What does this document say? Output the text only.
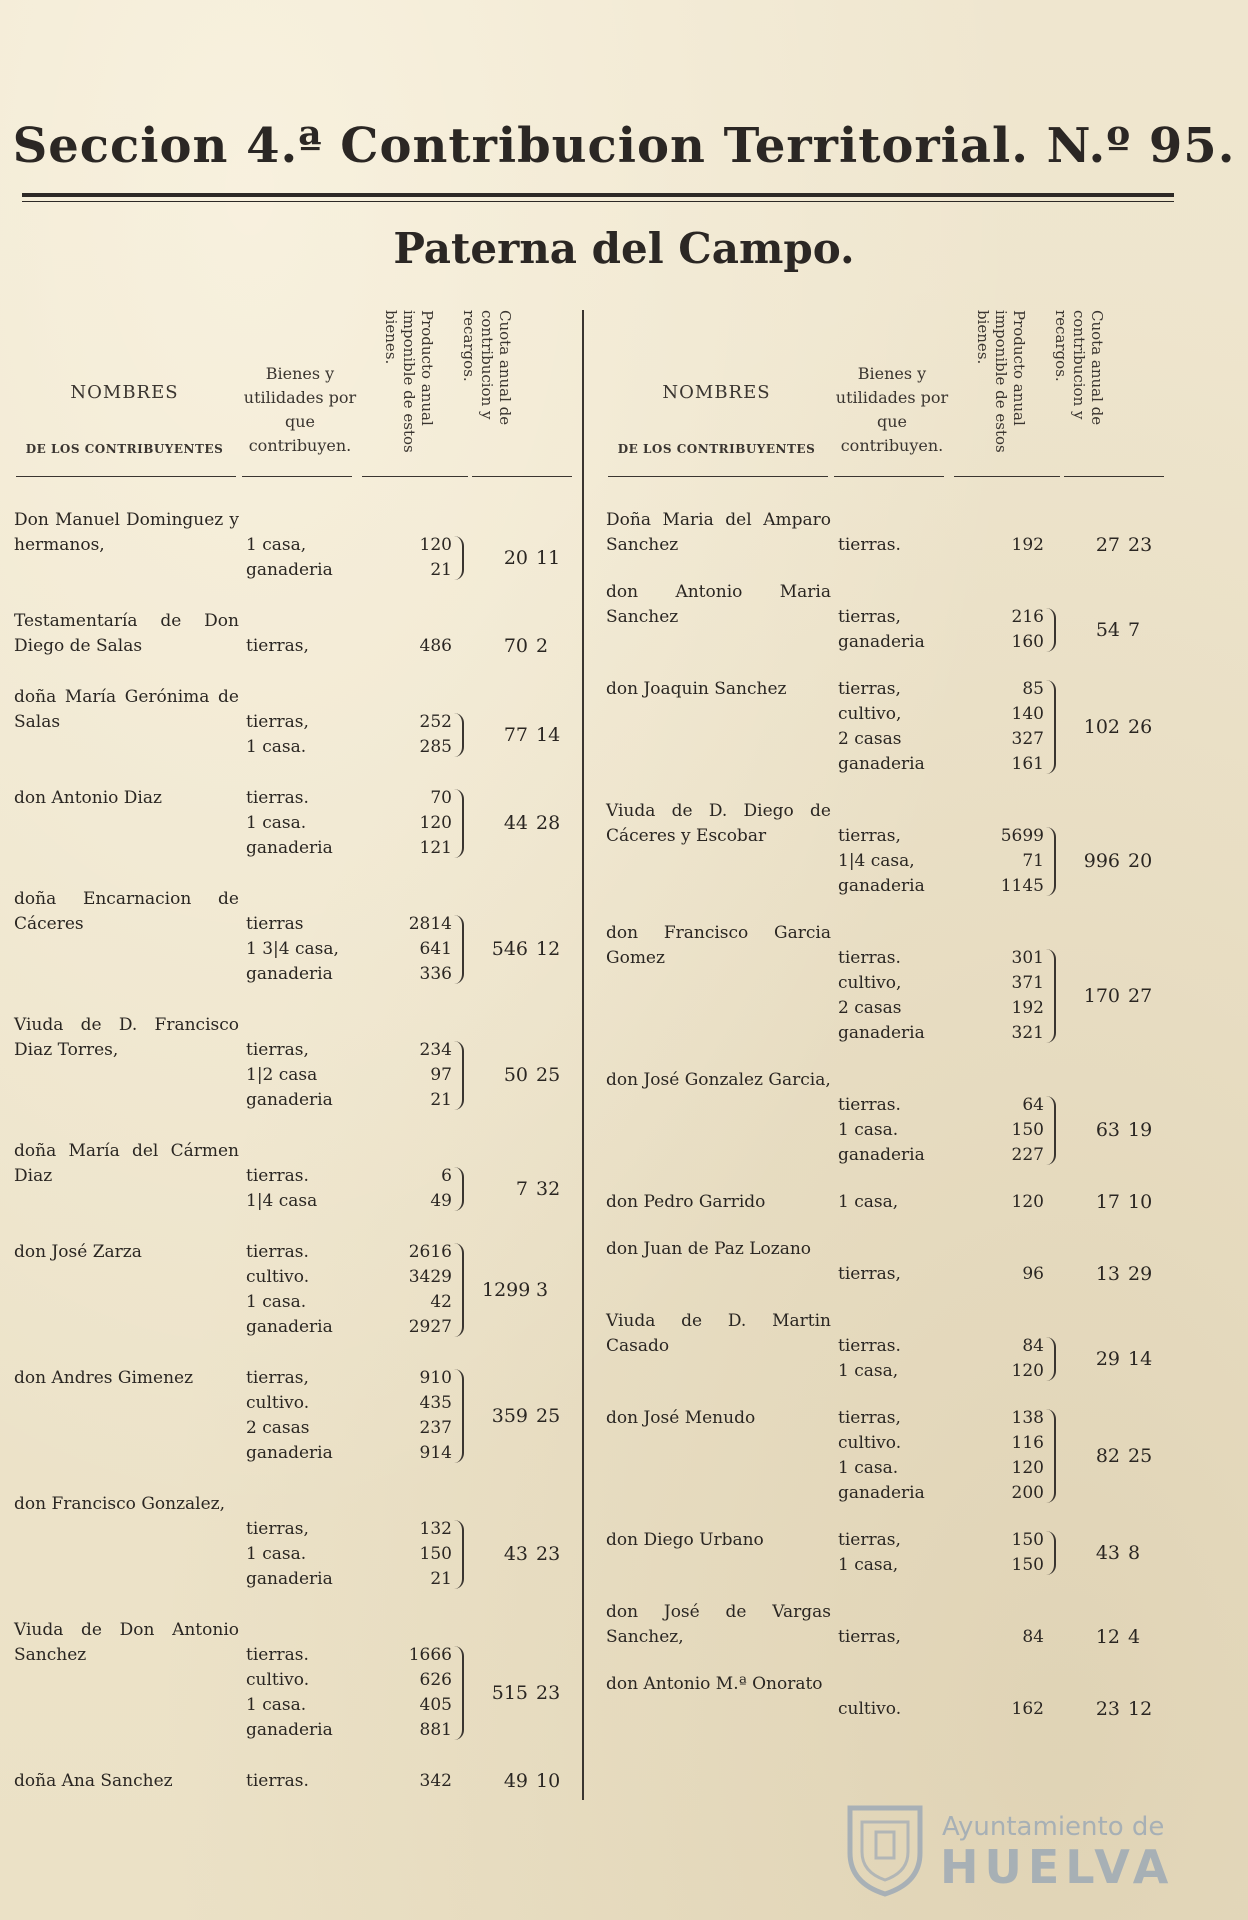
Seccion 4.ª Contribucion Territorial. N.º 95.
Paterna del Campo.
NOMBRES
DE LOS CONTRIBUYENTES
Bienes y utilidades por que contribuyen.
Producto anual imponible de estos bienes.	Cuota anual de contribucion y recargos.
Don Manuel Dominguez y hermanos,	1 casa,	120
ganaderia	21
20 11
Testamentaría de Don Diego de Salas	tierras,	486	70 2
doña María Gerónima de Salas	tierras,	252
1 casa.	285
77 14
don Antonio Diaz	tierras.	70
1 casa.	120
ganaderia	121
44 28
doña Encarnacion de Cáceres	tierras	2814
1 3|4 casa,	641
ganaderia	336
546 12
Viuda de D. Francisco Diaz Torres,	tierras,	234
1|2 casa	97
ganaderia	21
50 25
doña María del Cármen Diaz	tierras.	6
1|4 casa	49
7 32
don José Zarza	tierras.	2616
cultivo.	3429
1 casa.	42
ganaderia	2927
1299 3
don Andres Gimenez	tierras,	910
cultivo.	435
2 casas	237
ganaderia	914
359 25
don Francisco Gonzalez,
tierras,	132
1 casa.	150
ganaderia	21
43 23
Viuda de Don Antonio Sanchez	tierras.	1666
cultivo.	626
1 casa.	405
ganaderia	881
515 23
doña Ana Sanchez	tierras.	342	49 10
NOMBRES
DE LOS CONTRIBUYENTES
Bienes y utilidades por que contribuyen.
Producto anual imponible de estos bienes.	Cuota anual de contribucion y recargos.
Doña Maria del Amparo Sanchez	tierras.	192	27 23
don Antonio Maria Sanchez	tierras,	216
ganaderia	160
54 7
don Joaquin Sanchez	tierras,	85
cultivo,	140
2 casas	327
ganaderia	161
102 26
Viuda de D. Diego de Cáceres y Escobar	tierras,	5699
1|4 casa,	71
ganaderia	1145
996 20
don Francisco Garcia Gomez	tierras.	301
cultivo,	371
2 casas	192
ganaderia	321
170 27
don José Gonzalez Garcia,
tierras.	64
1 casa.	150
ganaderia	227
63 19
don Pedro Garrido	1 casa,	120	17 10
don Juan de Paz Lozano
tierras,	96	13 29
Viuda de D. Martin Casado	tierras.	84
1 casa,	120
29 14
don José Menudo	tierras,	138
cultivo.	116
1 casa.	120
ganaderia	200
82 25
don Diego Urbano	tierras,	150
1 casa,	150
43 8
don José de Vargas Sanchez,	tierras,	84	12 4
don Antonio M.ª Onorato
cultivo.	162	23 12
Ayuntamiento de
HUELVA
